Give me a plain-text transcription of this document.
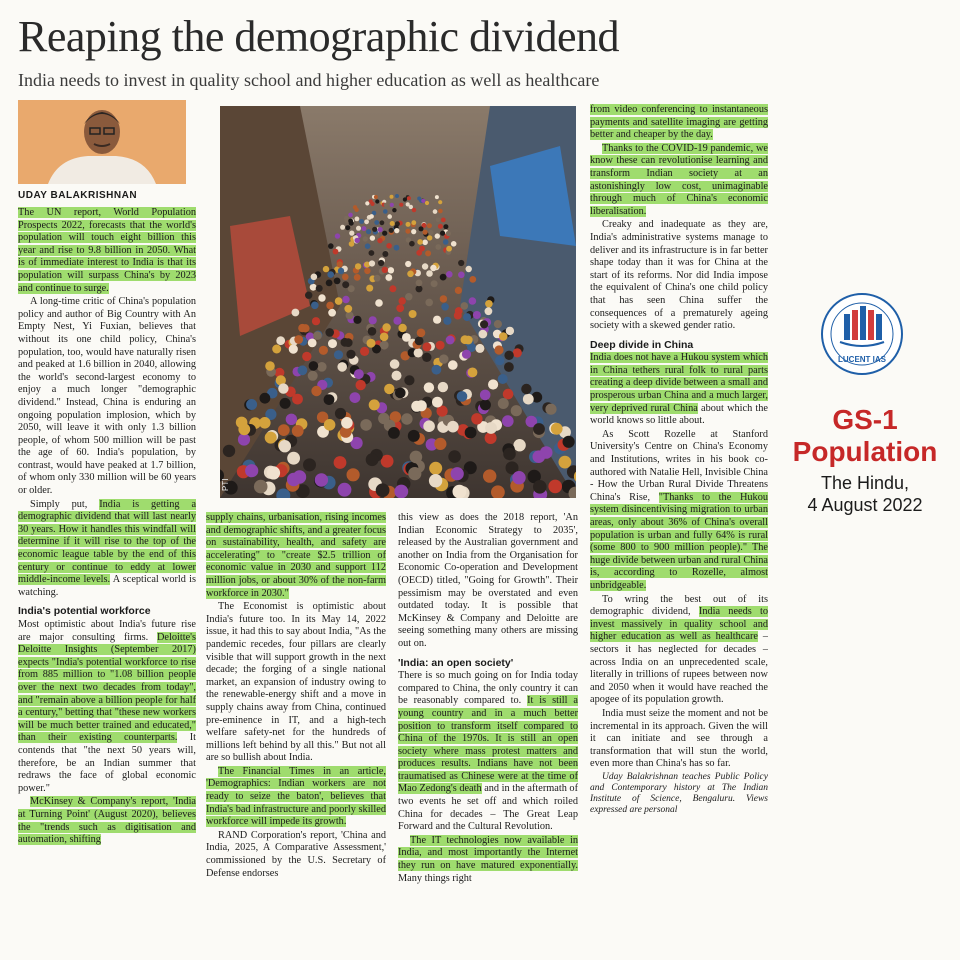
Reaping the demographic dividend
India needs to invest in quality school and higher education as well as healthcare
UDAY BALAKRISHNAN

The UN report, World Population Prospects 2022, forecasts that the world's population will touch eight billion this year and rise to 9.8 billion in 2050. What is of immediate interest to India is that its population will surpass China's by 2023 and continue to surge.

A long-time critic of China's population policy and author of Big Country with An Empty Nest, Yi Fuxian, believes that without its one child policy, China's population, too, would have naturally risen and peaked at 1.6 billion in 2040, allowing the world's second-largest economy to enjoy a much longer "demographic dividend." Instead, China is enduring an ongoing population implosion, which by 2050, will leave it with only 1.3 billion people, of whom 500 million will be past the age of 60. India's population, by contrast, would have peaked at 1.7 billion, of whom only 330 million will be 60 years or older.

Simply put, India is getting a demographic dividend that will last nearly 30 years. How it handles this windfall will determine if it will rise to the top of the economic league table by the end of this century or continue to eddy at lower middle-income levels. A sceptical world is watching.

India's potential workforce

Most optimistic about India's future rise are major consulting firms. Deloitte's Deloitte Insights (September 2017) expects "India's potential workforce to rise from 885 million to "1.08 billion people over the next two decades from today", and "remain above a billion people for half a century," betting that "these new workers will be much better trained and educated," than their existing counterparts. It contends that "the next 50 years will, therefore, be an Indian summer that redraws the face of global economic power."

McKinsey & Company's report, 'India at Turning Point' (August 2020), believes the "trends such as digitisation and automation, shifting

PTI

supply chains, urbanisation, rising incomes and demographic shifts, and a greater focus on sustainability, health, and safety are accelerating" to "create $2.5 trillion of economic value in 2030 and support 112 million jobs, or about 30% of the non-farm workforce in 2030."

The Economist is optimistic about India's future too. In its May 14, 2022 issue, it had this to say about India, "As the pandemic recedes, four pillars are clearly visible that will support growth in the next decade; the forging of a single national market, an expansion of industry owing to the renewable-energy shift and a move in supply chains away from China, continued pre-eminence in IT, and a high-tech welfare safety-net for the hundreds of millions left behind by all this." But not all are so bullish about India.

The Financial Times in an article, 'Demographics: Indian workers are not ready to seize the baton', believes that India's bad infrastructure and poorly skilled workforce will impede its growth.

RAND Corporation's report, 'China and India, 2025, A Comparative Assessment,' commissioned by the U.S. Secretary of Defense endorses

this view as does the 2018 report, 'An Indian Economic Strategy to 2035', released by the Australian government and another on India from the Organisation for Economic Co-operation and Development (OECD) titled, "Going for Growth". Their pessimism may be overstated and even outdated today. It is possible that McKinsey & Company and Deloitte are seeing something many others are missing out on.

'India: an open society'

There is so much going on for India today compared to China, the only country it can be reasonably compared to. It is still a young country and in a much better position to transform itself compared to China of the 1970s. It is still an open society where mass protest matters and produces results. Indians have not been traumatised as Chinese were at the time of Mao Zedong's death and in the aftermath of two events he set off and which roiled China for decades – The Great Leap Forward and the Cultural Revolution.

The IT technologies now available in India, and most importantly the Internet they run on have matured exponentially. Many things right

from video conferencing to instantaneous payments and satellite imaging are getting better and cheaper by the day.

Thanks to the COVID-19 pandemic, we know these can revolutionise learning and transform Indian society at an astonishingly low cost, unimaginable through much of China's economic liberalisation.

Creaky and inadequate as they are, India's administrative systems manage to deliver and its infrastructure is in far better shape today than it was for China at the start of its reforms. Nor did India impose the equivalent of China's one child policy that has seen China suffer the consequences of a prematurely ageing society with a skewed gender ratio.

Deep divide in China

India does not have a Hukou system which in China tethers rural folk to rural parts creating a deep divide between a small and prosperous urban China and a much larger, very deprived rural China about which the world knows so little about.

As Scott Rozelle at Stanford University's Centre on China's Economy and Institutions, writes in his book co-authored with Natalie Hell, Invisible China - How the Urban Rural Divide Threatens China's Rise, "Thanks to the Hukou system disincentivising migration to urban areas, only about 36% of China's overall population is urban and fully 64% is rural (some 800 to 900 million people)." The huge divide between urban and rural China is, according to Rozelle, almost unbridgeable.

To wring the best out of its demographic dividend, India needs to invest massively in quality school and higher education as well as healthcare – sectors it has neglected for decades – across India on an unprecedented scale, literally in trillions of rupees between now and 2050 when it would have reached the apogee of its population growth.

India must seize the moment and not be incremental in its approach. Given the will it can initiate and see through a transformation that will stun the world, even more than China's has so far.

Uday Balakrishnan teaches Public Policy and Contemporary history at The Indian Institute of Science, Bengaluru. Views expressed are personal

LUCENT IAS
GS-1
Population
The Hindu,
4 August 2022
